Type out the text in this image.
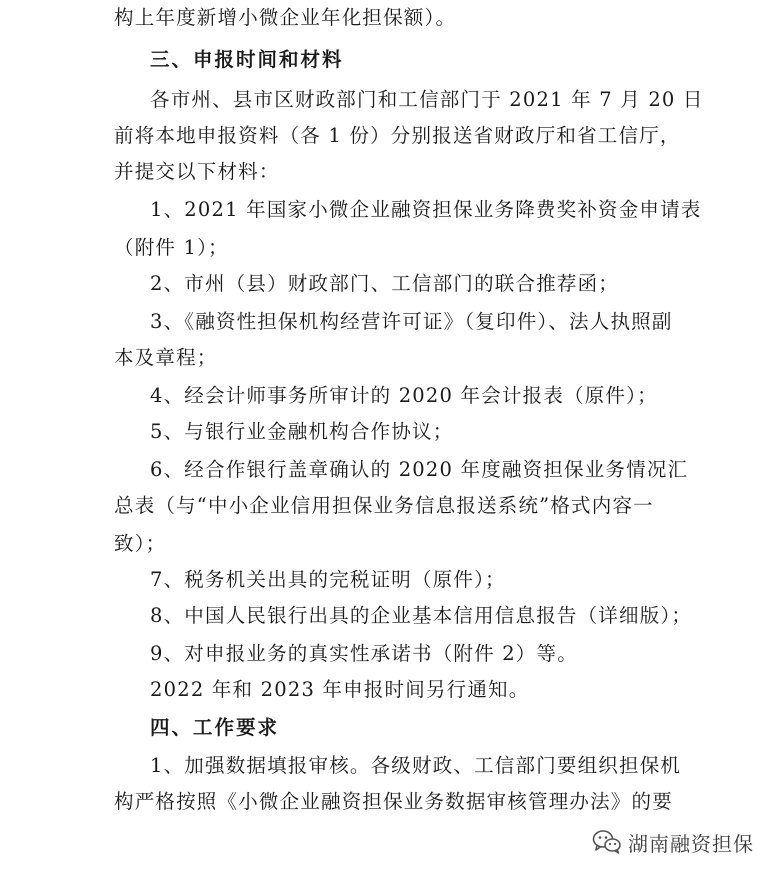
构上年度新增小微企业年化担保额）。
三、申报时间和材料
各市州、县市区财政部门和工信部门于 2021 年 7 月 20 日
前将本地申报资料（各 1 份）分别报送省财政厅和省工信厅，
并提交以下材料：
1、2021 年国家小微企业融资担保业务降费奖补资金申请表
（附件 1）；
2、市州（县）财政部门、工信部门的联合推荐函；
3、《融资性担保机构经营许可证》（复印件）、法人执照副
本及章程；
4、经会计师事务所审计的 2020 年会计报表（原件）；
5、与银行业金融机构合作协议；
6、经合作银行盖章确认的 2020 年度融资担保业务情况汇
总表（与“中小企业信用担保业务信息报送系统”格式内容一
致）；
7、税务机关出具的完税证明（原件）；
8、中国人民银行出具的企业基本信用信息报告（详细版）；
9、对申报业务的真实性承诺书（附件 2）等。
2022 年和 2023 年申报时间另行通知。
四、工作要求
1、加强数据填报审核。各级财政、工信部门要组织担保机
构严格按照《小微企业融资担保业务数据审核管理办法》的要
湖南融资担保
